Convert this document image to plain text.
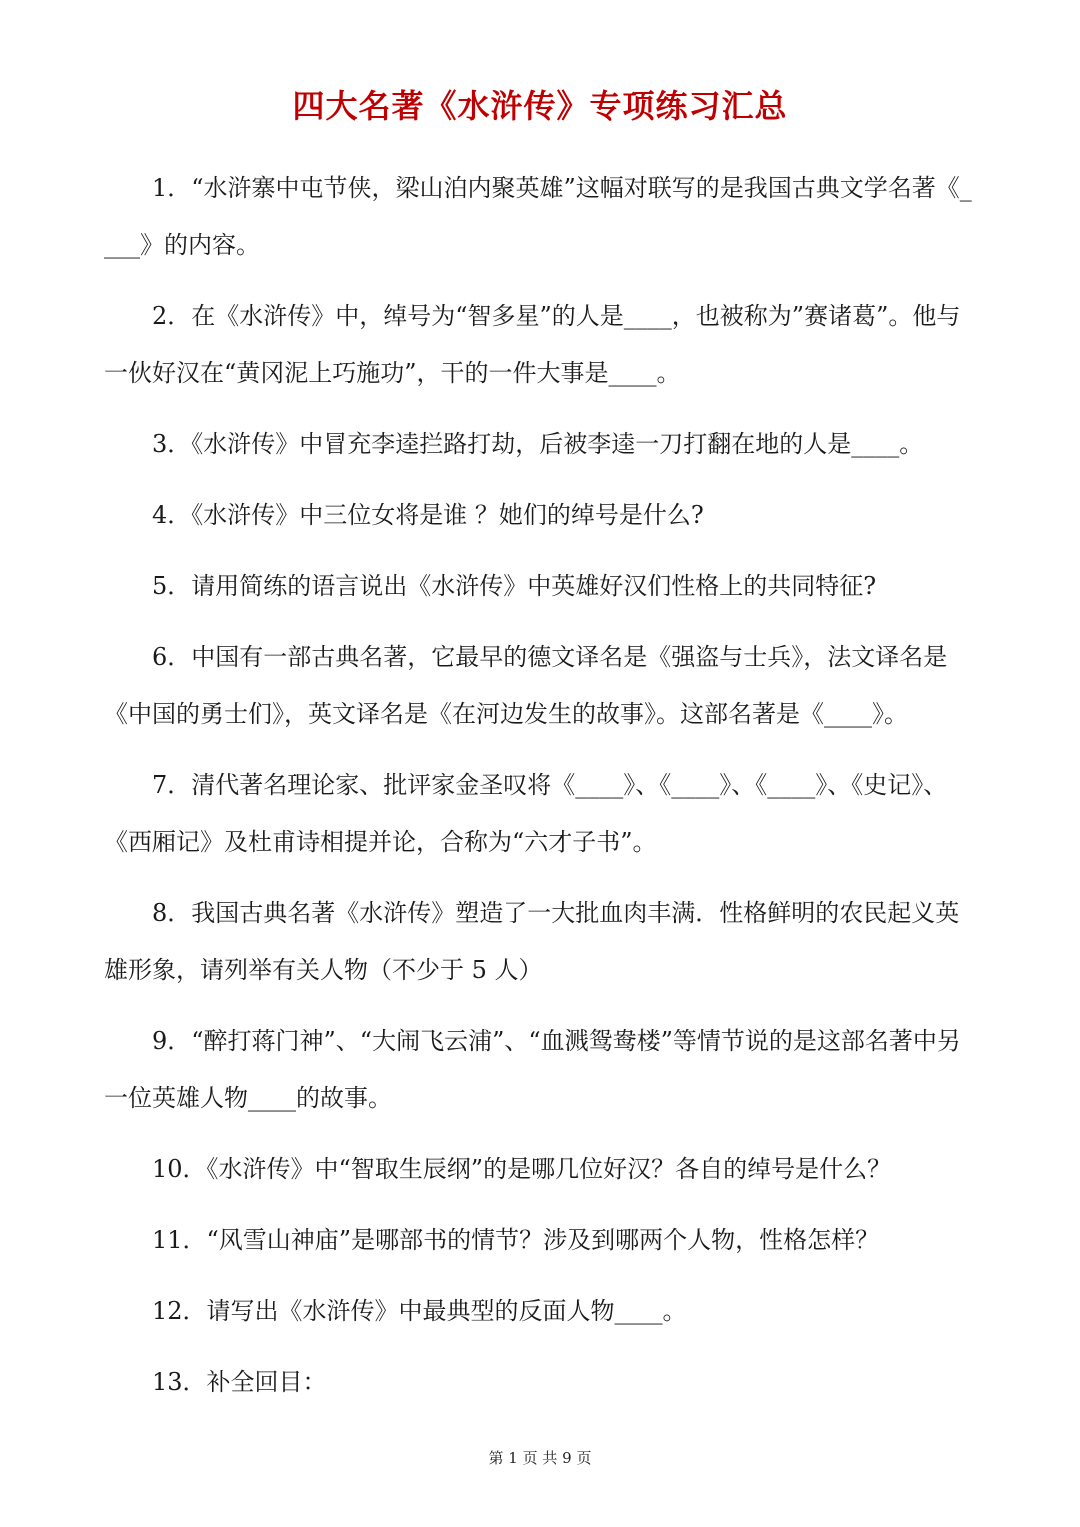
四大名著《水浒传》专项练习汇总

1．“水浒寨中屯节侠，梁山泊内聚英雄”这幅对联写的是我国古典文学名著《____》的内容。

2．在《水浒传》中，绰号为“智多星”的人是____，也被称为”赛诸葛”。他与一伙好汉在“黄冈泥上巧施功”，干的一件大事是____。

3．《水浒传》中冒充李逵拦路打劫，后被李逵一刀打翻在地的人是____。

4．《水浒传》中三位女将是谁 ？她们的绰号是什么?

5．请用简练的语言说出《水浒传》中英雄好汉们性格上的共同特征?

6．中国有一部古典名著，它最早的德文译名是《强盗与士兵》，法文译名是《中国的勇士们》，英文译名是《在河边发生的故事》。这部名著是《____》。

7．清代著名理论家、批评家金圣叹将《____》、《____》、《____》、《史记》、《西厢记》及杜甫诗相提并论，合称为“六才子书”。

8．我国古典名著《水浒传》塑造了一大批血肉丰满．性格鲜明的农民起义英雄形象，请列举有关人物（不少于 5 人）

9．“醉打蒋门神”、“大闹飞云浦”、“血溅鸳鸯楼”等情节说的是这部名著中另一位英雄人物____的故事。

10．《水浒传》中“智取生辰纲”的是哪几位好汉？各自的绰号是什么？

11．“风雪山神庙”是哪部书的情节？涉及到哪两个人物，性格怎样？

12．请写出《水浒传》中最典型的反面人物____。

13．补全回目：

第 1 页 共 9 页
